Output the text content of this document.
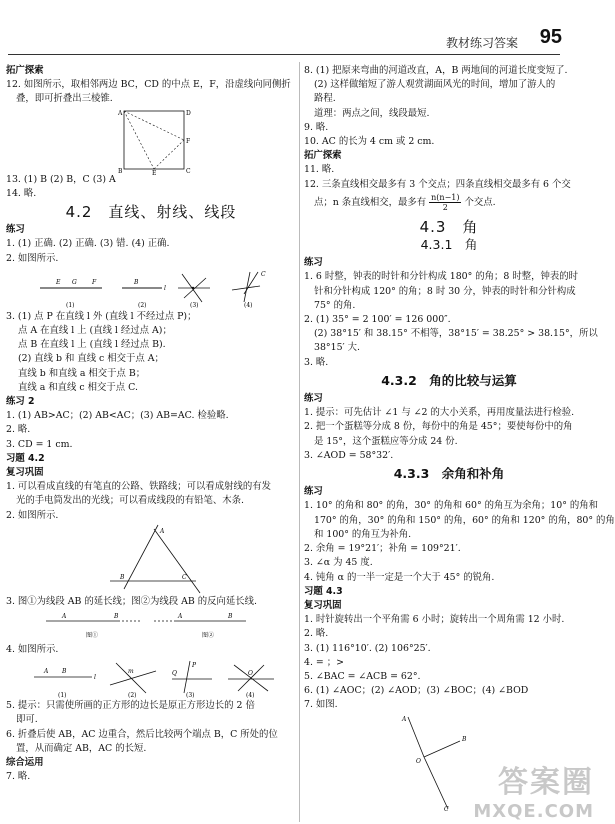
教材练习答案 95

拓广探索

12. 如图所示，取相邻两边 BC，CD 的中点 E，F，沿虚线向同侧折

叠，即可折叠出三棱锥.

A	D
B	C
E
F

13. (1) B (2) B，C (3) A

14. 略.

4.2　直线、射线、线段

练习

1. (1) 正确. (2) 正确. (3) 错. (4) 正确.

2. 如图所示.

E G	F	B
l
C
(1)	(2)	(3)	(4)

3. (1) 点 P 在直线 l 外 (直线 l 不经过点 P)；

点 A 在直线 l 上 (直线 l 经过点 A)；

点 B 在直线 l 上 (直线 l 经过点 B).

(2) 直线 b 和 直线 c 相交于点 A；

直线 b 和直线 a 相交于点 B；

直线 a 和直线 c 相交于点 C.

练习 2

1. (1) AB>AC；(2) AB<AC；(3) AB=AC. 检验略.

2. 略.

3. CD = 1 cm.

习题 4.2

复习巩固

1. 可以看成直线的有笔直的公路、铁路线；可以看成射线的有发

光的手电筒发出的光线；可以看成线段的有铅笔、木条.

2. 如图所示.

A
B	C

3. 图①为线段 AB 的延长线；图②为线段 AB 的反向延长线.

A	B	A	B
图①	图②

4. 如图所示.

A B
l
m
P
Q	O
(1)	(2)	(3)	(4)

5. 提示：只需使所画的正方形的边长是原正方形边长的 2 倍

即可.

6. 折叠后使 AB，AC 边重合，然后比较两个端点 B，C 所处的位

置，从而确定 AB，AC 的长短.

综合运用

7. 略.

8. (1) 把原来弯曲的河道改直，A，B 两地间的河道长度变短了.

(2) 这样做缩短了游人观赏湖面风光的时间，增加了游人的

路程.

道理：两点之间，线段最短.

9. 略.

10. AC 的长为 4 cm 或 2 cm.

拓广探索

11. 略.

12. 三条直线相交最多有 3 个交点；四条直线相交最多有 6 个交

点；n 条直线相交，最多有 $\frac{n(n-1)}{2}$ 个交点.

4.3　角
4.3.1　角

练习

1. 6 时整，钟表的时针和分针构成 180° 的角；8 时整，钟表的时

针和分针构成 120° 的角；8 时 30 分，钟表的时针和分针构成

75° 的角.

2. (1) 35° = 2 100′ = 126 000″.

(2) 38°15′ 和 38.15° 不相等，38°15′ = 38.25° > 38.15°，所以

38°15′ 大.

3. 略.

4.3.2　角的比较与运算

练习

1. 提示：可先估计 ∠1 与 ∠2 的大小关系，再用度量法进行检验.

2. 把一个蛋糕等分成 8 份，每份中的角是 45°；要使每份中的角

是 15°，这个蛋糕应等分成 24 份.

3. ∠AOD = 58°32′.

4.3.3　余角和补角

练习

1. 10° 的角和 80° 的角，30° 的角和 60° 的角互为余角；10° 的角和

170° 的角，30° 的角和 150° 的角，60° 的角和 120° 的角，80° 的角

和 100° 的角互为补角.

2. 余角 = 19°21′；补角 = 109°21′.

3. ∠α 为 45 度.

4. 钝角 α 的一半一定是一个大于 45° 的锐角.

习题 4.3

复习巩固

1. 时针旋转出一个平角需 6 小时；旋转出一个周角需 12 小时.

2. 略.

3. (1) 116°10′. (2) 106°25′.

4. = ；>

5. ∠BAC = ∠ACB = 62°.

6. (1) ∠AOC；(2) ∠AOD；(3) ∠BOC；(4) ∠BOD

7. 如图.

A
B
O
C
答案圈
MXQE.COM
